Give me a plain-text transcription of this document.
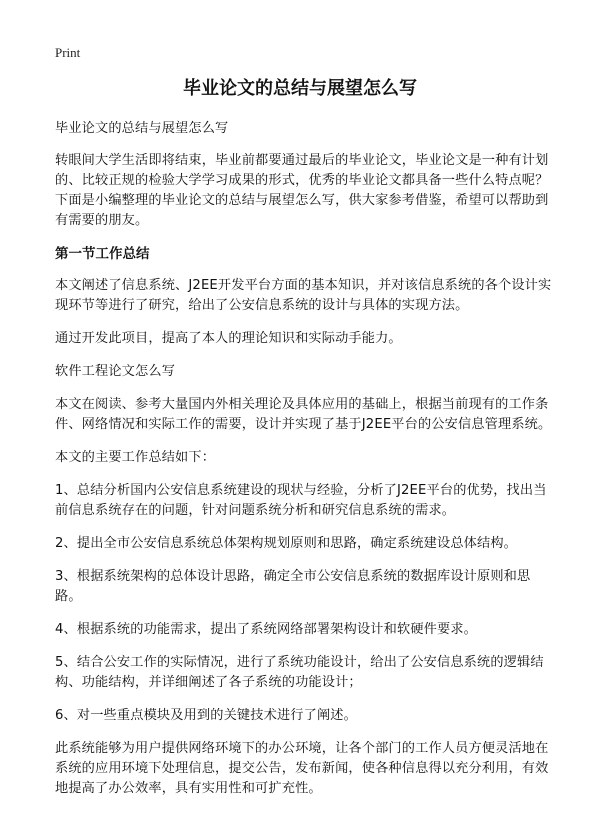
Print
毕业论文的总结与展望怎么写

毕业论文的总结与展望怎么写

转眼间大学生活即将结束，毕业前都要通过最后的毕业论文，毕业论文是一种有计划的、比较正规的检验大学学习成果的形式，优秀的毕业论文都具备一些什么特点呢？下面是小编整理的毕业论文的总结与展望怎么写，供大家参考借鉴，希望可以帮助到有需要的朋友。

第一节工作总结

本文阐述了信息系统、J2EE开发平台方面的基本知识，并对该信息系统的各个设计实现环节等进行了研究，给出了公安信息系统的设计与具体的实现方法。

通过开发此项目，提高了本人的理论知识和实际动手能力。

软件工程论文怎么写

本文在阅读、参考大量国内外相关理论及具体应用的基础上，根据当前现有的工作条件、网络情况和实际工作的需要，设计并实现了基于J2EE平台的公安信息管理系统。

本文的主要工作总结如下：

1、总结分析国内公安信息系统建设的现状与经验，分析了J2EE平台的优势，找出当前信息系统存在的问题，针对问题系统分析和研究信息系统的需求。

2、提出全市公安信息系统总体架构规划原则和思路，确定系统建设总体结构。

3、根据系统架构的总体设计思路，确定全市公安信息系统的数据库设计原则和思路。

4、根据系统的功能需求，提出了系统网络部署架构设计和软硬件要求。

5、结合公安工作的实际情况，进行了系统功能设计，给出了公安信息系统的逻辑结构、功能结构，并详细阐述了各子系统的功能设计；

6、对一些重点模块及用到的关键技术进行了阐述。

此系统能够为用户提供网络环境下的办公环境，让各个部门的工作人员方便灵活地在系统的应用环境下处理信息，提交公告，发布新闻，使各种信息得以充分利用，有效地提高了办公效率，具有实用性和可扩充性。
